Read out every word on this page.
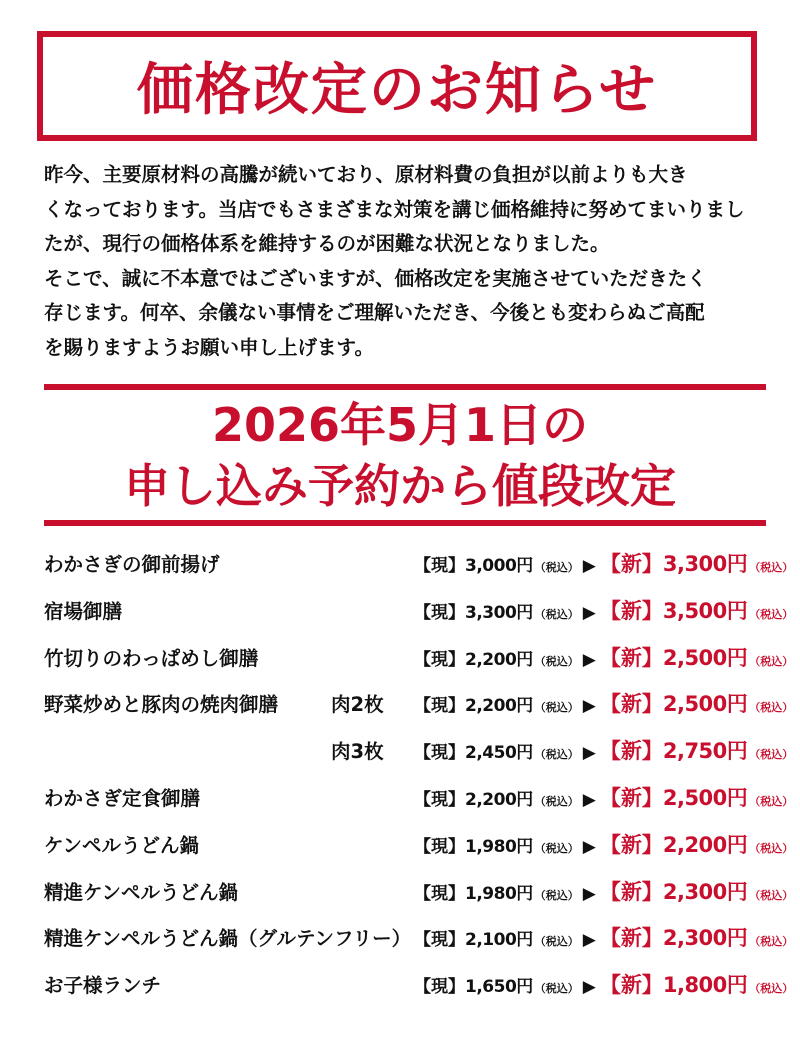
価格改定のお知らせ

昨今、主要原材料の高騰が続いており、原材料費の負担が以前よりも大き

くなっております。当店でもさまざまな対策を講じ価格維持に努めてまいりまし

たが、現行の価格体系を維持するのが困難な状況となりました。

そこで、誠に不本意ではございますが、価格改定を実施させていただきたく

存じます。何卒、余儀ない事情をご理解いただき、今後とも変わらぬご高配

を賜りますようお願い申し上げます。

2026年5月1日の
申し込み予約から値段改定
わかさぎの御前揚げ	【現】 3,000円 （税込） ▶ 【新】 3,300円 （税込）
宿場御膳	【現】 3,300円 （税込） ▶ 【新】 3,500円 （税込）
竹切りのわっぱめし御膳	【現】 2,200円 （税込） ▶ 【新】 2,500円 （税込）
野菜炒めと豚肉の焼肉御膳	肉2枚 【現】 2,200円 （税込） ▶ 【新】 2,500円 （税込）
肉3枚 【現】 2,450円 （税込） ▶ 【新】 2,750円 （税込）
わかさぎ定食御膳	【現】 2,200円 （税込） ▶ 【新】 2,500円 （税込）
ケンペルうどん鍋	【現】 1,980円 （税込） ▶ 【新】 2,200円 （税込）
精進ケンペルうどん鍋	【現】 1,980円 （税込） ▶ 【新】 2,300円 （税込）
精進ケンペルうどん鍋（グルテンフリー） 【現】 2,100円 （税込） ▶ 【新】 2,300円 （税込）
お子様ランチ	【現】 1,650円 （税込） ▶ 【新】 1,800円 （税込）
